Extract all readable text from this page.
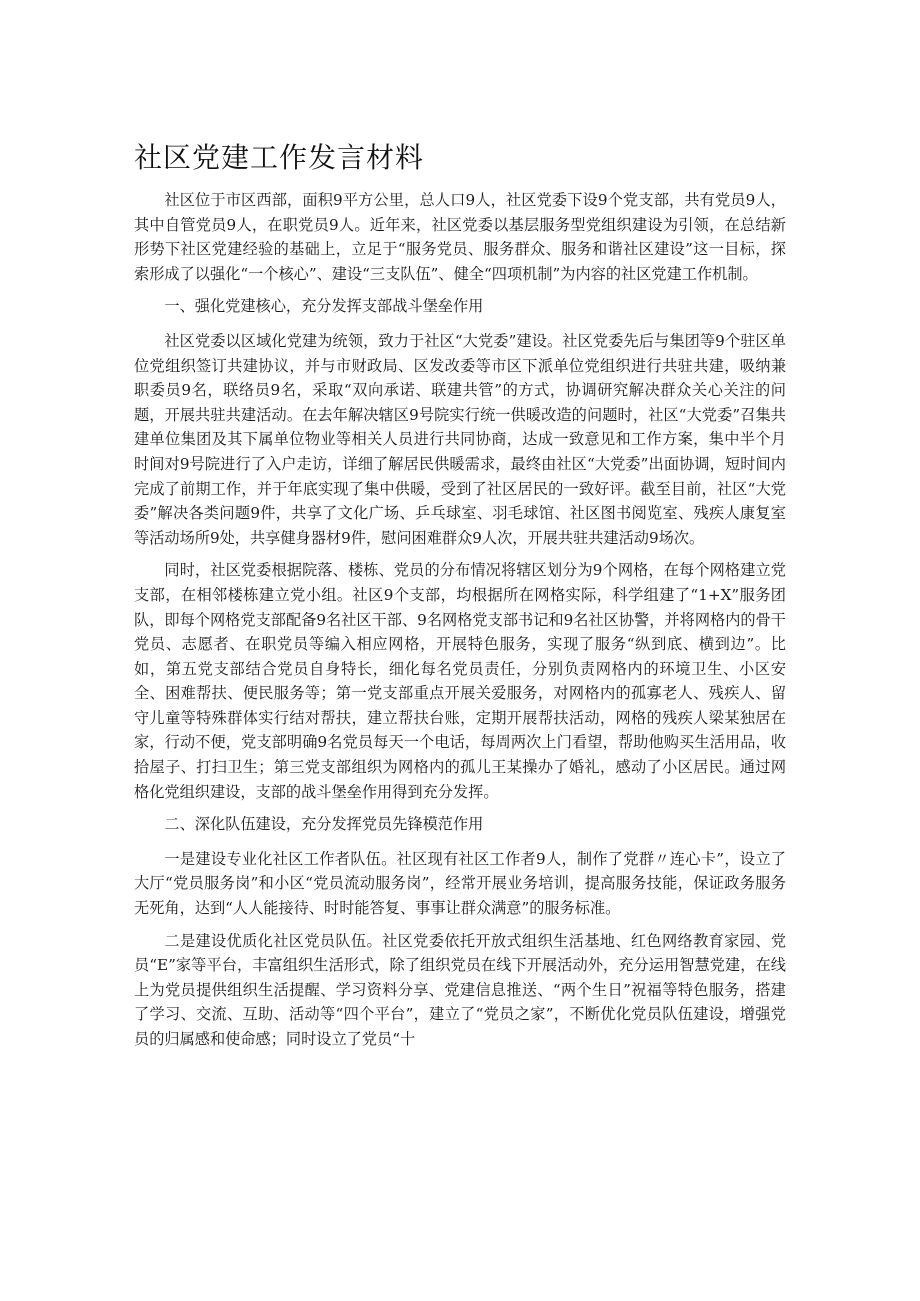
社区党建工作发言材料

社区位于市区西部，面积9平方公里，总人口9人，社区党委下设9个党支部，共有党员9人，其中自管党员9人，在职党员9人。近年来，社区党委以基层服务型党组织建设为引领，在总结新形势下社区党建经验的基础上，立足于“服务党员、服务群众、服务和谐社区建设”这一目标，探索形成了以强化“一个核心”、建设“三支队伍”、健全“四项机制”为内容的社区党建工作机制。

一、强化党建核心，充分发挥支部战斗堡垒作用

社区党委以区域化党建为统领，致力于社区“大党委”建设。社区党委先后与集团等9个驻区单位党组织签订共建协议，并与市财政局、区发改委等市区下派单位党组织进行共驻共建，吸纳兼职委员9名，联络员9名，采取“双向承诺、联建共管”的方式，协调研究解决群众关心关注的问题，开展共驻共建活动。在去年解决辖区9号院实行统一供暖改造的问题时，社区“大党委”召集共建单位集团及其下属单位物业等相关人员进行共同协商，达成一致意见和工作方案，集中半个月时间对9号院进行了入户走访，详细了解居民供暖需求，最终由社区“大党委”出面协调，短时间内完成了前期工作，并于年底实现了集中供暖，受到了社区居民的一致好评。截至目前，社区“大党委”解决各类问题9件，共享了文化广场、乒乓球室、羽毛球馆、社区图书阅览室、残疾人康复室等活动场所9处，共享健身器材9件，慰问困难群众9人次，开展共驻共建活动9场次。

同时，社区党委根据院落、楼栋、党员的分布情况将辖区划分为9个网格，在每个网格建立党支部，在相邻楼栋建立党小组。社区9个支部，均根据所在网格实际，科学组建了“1+X”服务团队，即每个网格党支部配备9名社区干部、9名网格党支部书记和9名社区协警，并将网格内的骨干党员、志愿者、在职党员等编入相应网格，开展特色服务，实现了服务“纵到底、横到边”。比如，第五党支部结合党员自身特长，细化每名党员责任，分别负责网格内的环境卫生、小区安全、困难帮扶、便民服务等；第一党支部重点开展关爱服务，对网格内的孤寡老人、残疾人、留守儿童等特殊群体实行结对帮扶，建立帮扶台账，定期开展帮扶活动，网格的残疾人梁某独居在家，行动不便，党支部明确9名党员每天一个电话，每周两次上门看望，帮助他购买生活用品，收拾屋子、打扫卫生；第三党支部组织为网格内的孤儿王某操办了婚礼，感动了小区居民。通过网格化党组织建设，支部的战斗堡垒作用得到充分发挥。

二、深化队伍建设，充分发挥党员先锋模范作用

一是建设专业化社区工作者队伍。社区现有社区工作者9人，制作了党群〃连心卡”，设立了大厅“党员服务岗”和小区“党员流动服务岗”，经常开展业务培训，提高服务技能，保证政务服务无死角，达到“人人能接待、时时能答复、事事让群众满意”的服务标准。

二是建设优质化社区党员队伍。社区党委依托开放式组织生活基地、红色网络教育家园、党员“E”家等平台，丰富组织生活形式，除了组织党员在线下开展活动外，充分运用智慧党建，在线上为党员提供组织生活提醒、学习资料分享、党建信息推送、“两个生日”祝福等特色服务，搭建了学习、交流、互助、活动等“四个平台”，建立了“党员之家”，不断优化党员队伍建设，增强党员的归属感和使命感；同时设立了党员“十
